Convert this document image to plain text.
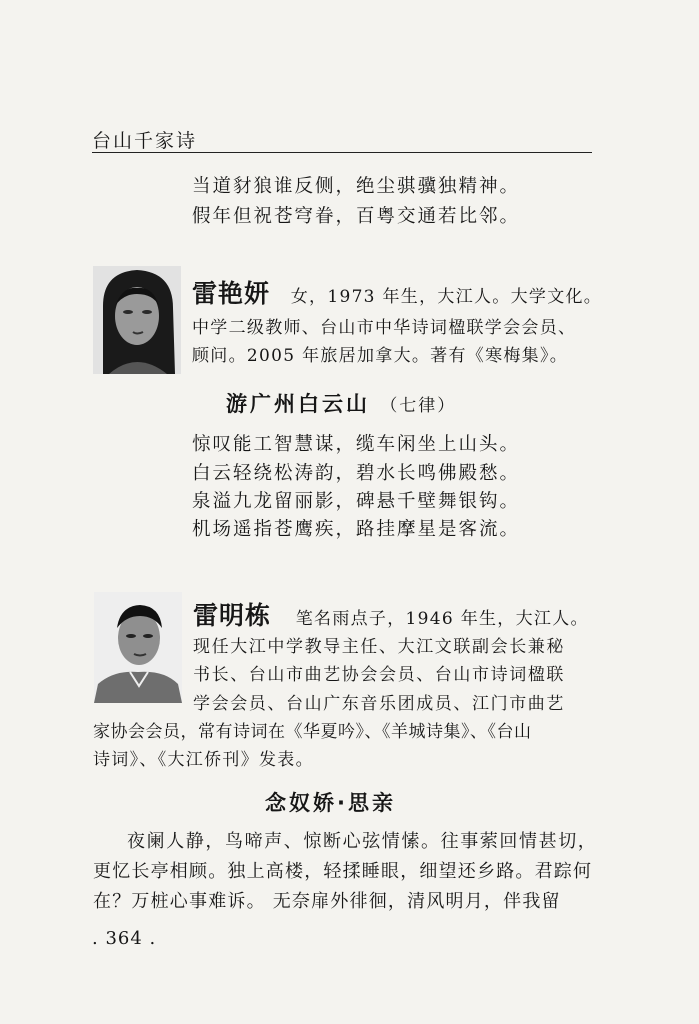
台山千家诗
当道豺狼谁反侧，绝尘骐骥独精神。
假年但祝苍穹眷，百粤交通若比邻。
雷艳妍 女，1973 年生，大江人。大学文化。
中学二级教师、台山市中华诗词楹联学会会员、
顾问。2005 年旅居加拿大。著有《寒梅集》。
游广州白云山 （七律）
惊叹能工智慧谋，缆车闲坐上山头。
白云轻绕松涛韵，碧水长鸣佛殿愁。
泉溢九龙留丽影，碑悬千壁舞银钩。
机场遥指苍鹰疾，路挂摩星是客流。
雷明栋 笔名雨点子，1946 年生，大江人。
现任大江中学教导主任、大江文联副会长兼秘
书长、台山市曲艺协会会员、台山市诗词楹联
学会会员、台山广东音乐团成员、江门市曲艺
家协会会员，常有诗词在《华夏吟》、《羊城诗集》、《台山
诗词》、《大江侨刊》发表。
念奴娇·思亲
夜阑人静，鸟啼声、惊断心弦情愫。往事萦回情甚切，
更忆长亭相顾。独上高楼，轻揉睡眼，细望还乡路。君踪何
在？万桩心事难诉。 无奈扉外徘徊，清风明月，伴我留
. 364 .
